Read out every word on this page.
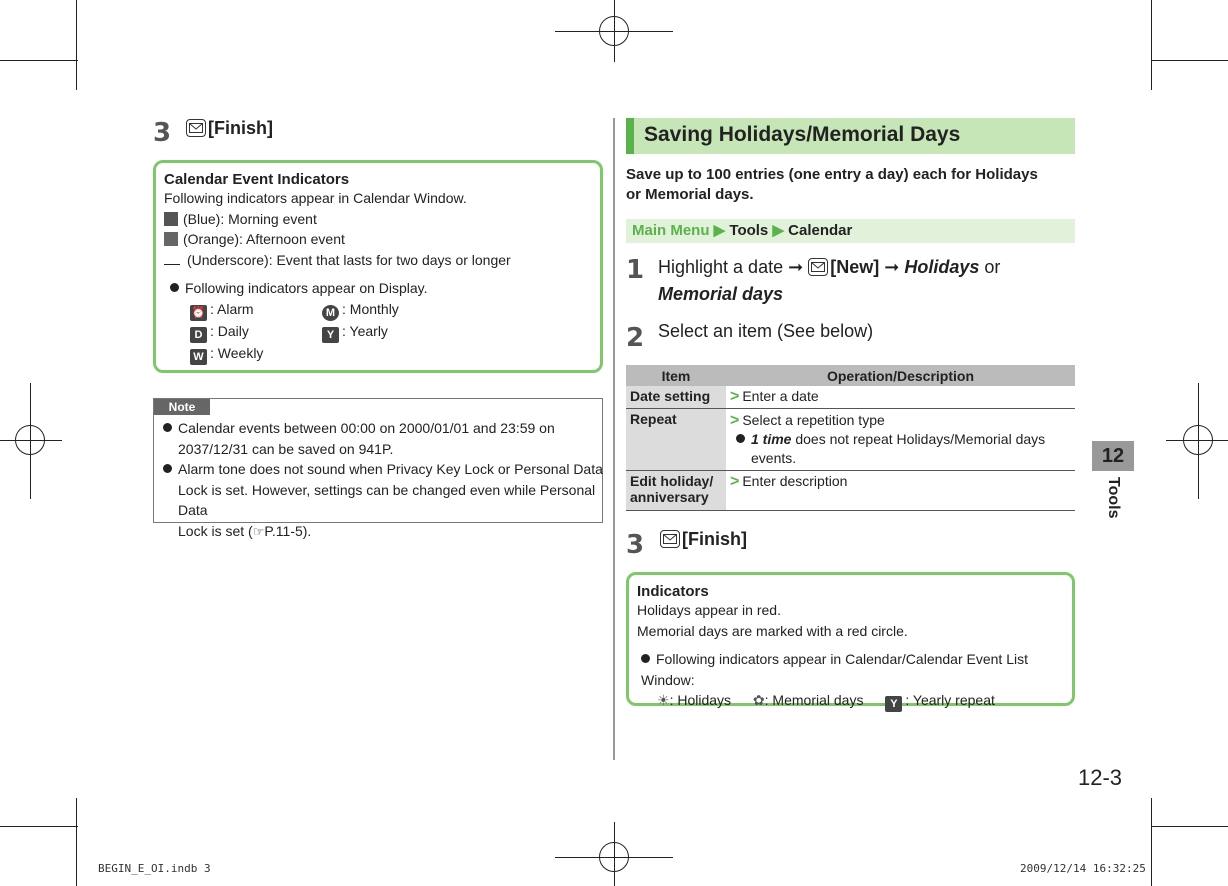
3	[Finish]
Calendar Event Indicators
Following indicators appear in Calendar Window.
(Blue): Morning event
(Orange): Afternoon event
(Underscore): Event that lasts for two days or longer
Following indicators appear on Display.
⏰ : Alarm	M : Monthly
D : Daily	Y : Yearly
W : Weekly
Note
Calendar events between 00:00 on 2000/01/01 and 23:59 on
2037/12/31 can be saved on 941P.
Alarm tone does not sound when Privacy Key Lock or Personal Data
Lock is set. However, settings can be changed even while Personal Data
Lock is set (☞P.11-5).
Saving Holidays/Memorial Days
Save up to 100 entries (one entry a day) each for Holidays
or Memorial days.
Main Menu ▶ Tools ▶ Calendar
1 Highlight a date ➞ [New] ➞ Holidays or
Memorial days
2 Select an item (See below)
Item	Operation/Description
Date setting	> Enter a date
Repeat	> Select a repetition type
1 time does not repeat Holidays/Memorial days
events.

Edit holiday/
anniversary	> Enter description
3	[Finish]
Indicators
Holidays appear in red.
Memorial days are marked with a red circle.
Following indicators appear in Calendar/Calendar Event List Window:
☀: Holidays ✿: Memorial days Y : Yearly repeat
12
Tools
12-3
BEGIN_E_OI.indb 3	2009/12/14 16:32:25
